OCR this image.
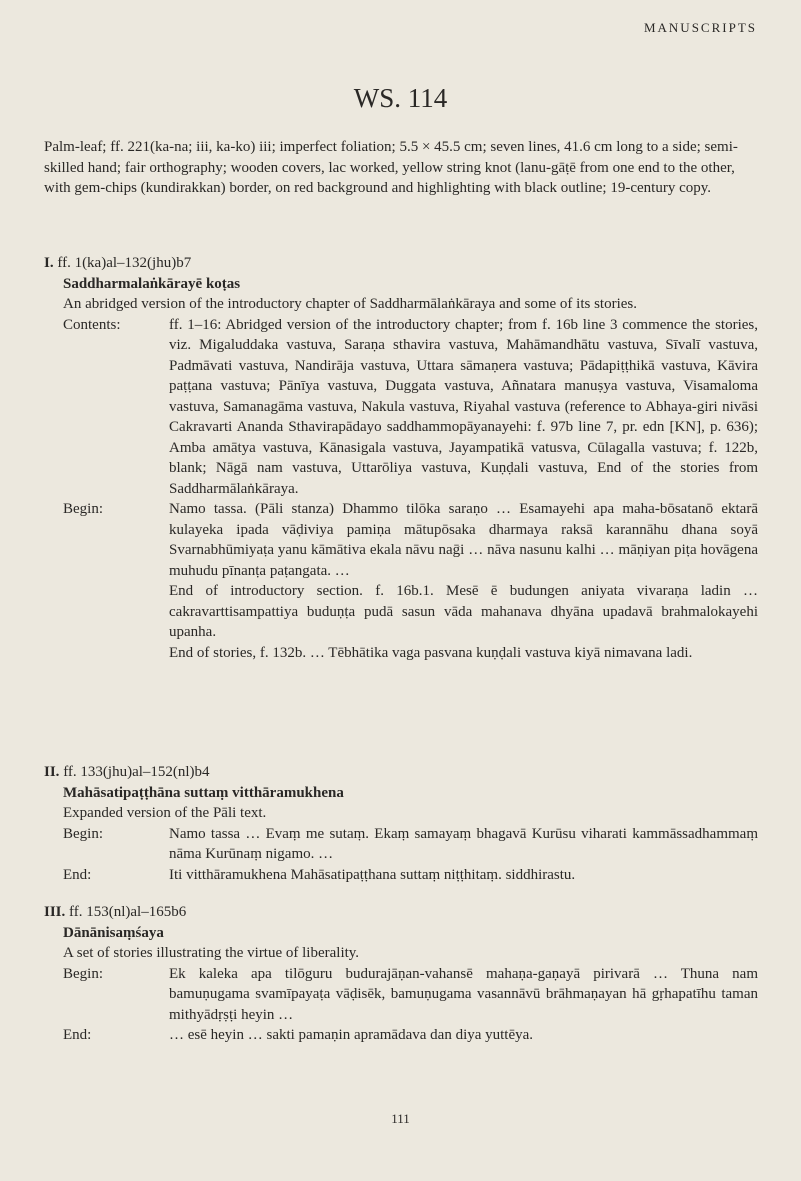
MANUSCRIPTS
WS. 114

Palm-leaf; ff. 221(ka-na; iii, ka-ko) iii; imperfect foliation; 5.5 × 45.5 cm; seven lines, 41.6 cm long to a side; semi-skilled hand; fair orthography; wooden covers, lac worked, yellow string knot (lanu-gāṭē from one end to the other, with gem-chips (kundirakkan) border, on red background and highlighting with black outline; 19-century copy.

I. ff. 1(ka)al–132(jhu)b7
Saddharmalaṅkārayē koṭas
An abridged version of the introductory chapter of Saddharmālaṅkāraya and some of its stories.
Contents:	ff. 1–16: Abridged version of the introductory chapter; from f. 16b line 3 commence the stories, viz. Migaluddaka vastuva, Saraṇa sthavira vastuva, Mahāmandhātu vastuva, Sīvalī vastuva, Padmāvati vastuva, Nandirāja vastuva, Uttara sāmaṇera vastuva; Pādapiṭṭhikā vastuva, Kāvira paṭṭana vastuva; Pānīya vastuva, Duggata vastuva, Añnatara manuṣya vastuva, Visamaloma vastuva, Samanagāma vastuva, Nakula vastuva, Riyahal vastuva (reference to Abhaya-giri nivāsi Cakravarti Ananda Sthavirapādayo saddhammopāyanayehi: f. 97b line 7, pr. edn [KN], p. 636); Amba amātya vastuva, Kānasigala vastuva, Jayampatikā vatusva, Cūlagalla vastuva; f. 122b, blank; Nāgā nam vastuva, Uttarōliya vastuva, Kuṇḍali vastuva, End of the stories from Saddharmālaṅkāraya.
Begin:	Namo tassa. (Pāli stanza) Dhammo tilōka saraṇo … Esamayehi apa maha-bōsatanō ektarā kulayeka ipada vāḍiviya pamiṇa mātupōsaka dharmaya raksā karannāhu dhana soyā Svarnabhūmiyaṭa yanu kāmātiva ekala nāvu naḡi … nāva nasunu kalhi … māṇiyan piṭa hovāgena muhudu pīnanṭa paṭangata. …

End of introductory section. f. 16b.1. Mesē ē budungen aniyata vivaraṇa ladin … cakravarttisampattiya buduṇṭa pudā sasun vāda mahanava dhyāna upadavā brahmalokayehi upanha.

End of stories, f. 132b. … Tēbhātika vaga pasvana kuṇḍali vastuva kiyā nimavana ladi.

II. ff. 133(jhu)al–152(nl)b4
Mahāsatipaṭṭhāna suttaṃ vitthāramukhena
Expanded version of the Pāli text.
Begin:	Namo tassa … Evaṃ me sutaṃ. Ekaṃ samayaṃ bhagavā Kurūsu viharati kammāssadhammaṃ nāma Kurūnaṃ nigamo. …
End:	Iti vitthāramukhena Mahāsatipaṭṭhana suttaṃ niṭṭhitaṃ. siddhirastu.
III. ff. 153(nl)al–165b6
Dānānisaṃśaya
A set of stories illustrating the virtue of liberality.
Begin:	Ek kaleka apa tilōguru budurajāṇan-vahansē mahaṇa-gaṇayā pirivarā … Thuna nam bamuṇugama svamīpayaṭa vāḍisēk, bamuṇugama vasannāvū brāhmaṇayan hā gṛhapatīhu taman mithyādṛṣṭi heyin …
End:	… esē heyin … sakti pamaṇin apramādava dan diya yuttēya.
111
